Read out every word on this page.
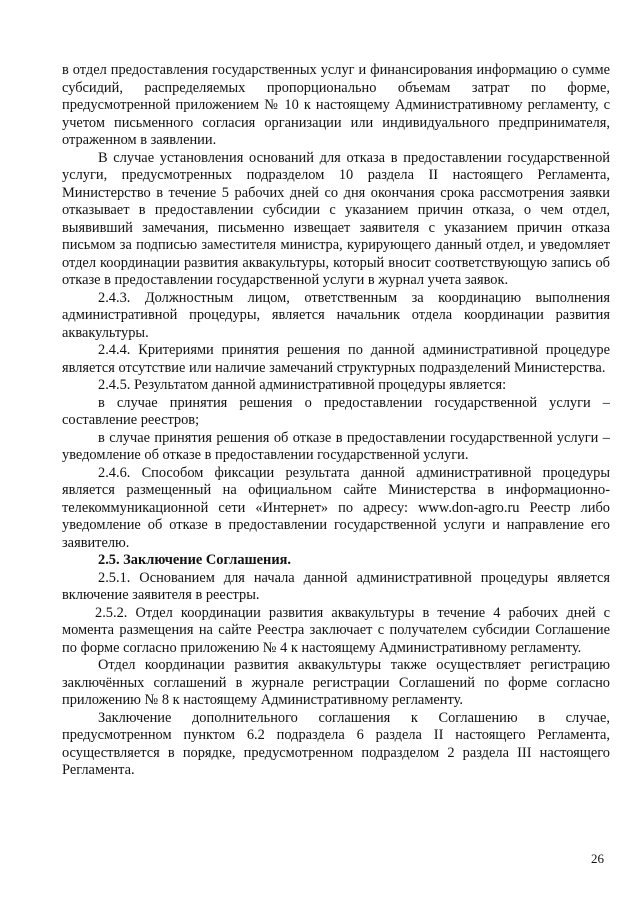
в отдел предоставления государственных услуг и финансирования информацию о сумме субсидий, распределяемых пропорционально объемам затрат по форме, предусмотренной приложением № 10 к настоящему Административному регламенту, с учетом письменного согласия организации или индивидуального предпринимателя, отраженном в заявлении.

В случае установления оснований для отказа в предоставлении государственной услуги, предусмотренных подразделом 10 раздела II настоящего Регламента, Министерство в течение 5 рабочих дней со дня окончания срока рассмотрения заявки отказывает в предоставлении субсидии с указанием причин отказа, о чем отдел, выявивший замечания, письменно извещает заявителя с указанием причин отказа письмом за подписью заместителя министра, курирующего данный отдел, и уведомляет отдел координации развития аквакультуры, который вносит соответствующую запись об отказе в предоставлении государственной услуги в журнал учета заявок.

2.4.3. Должностным лицом, ответственным за координацию выполнения административной процедуры, является начальник отдела координации развития аквакультуры.

2.4.4. Критериями принятия решения по данной административной процедуре является отсутствие или наличие замечаний структурных подразделений Министерства.

2.4.5. Результатом данной административной процедуры является:

в случае принятия решения о предоставлении государственной услуги – составление реестров;

в случае принятия решения об отказе в предоставлении государственной услуги – уведомление об отказе в предоставлении государственной услуги.

2.4.6. Способом фиксации результата данной административной процедуры является размещенный на официальном сайте Министерства в информационно-телекоммуникационной сети «Интернет» по адресу: www.don-agro.ru Реестр либо уведомление об отказе в предоставлении государственной услуги и направление его заявителю.

2.5. Заключение Соглашения.

2.5.1. Основанием для начала данной административной процедуры является включение заявителя в реестры.

2.5.2. Отдел координации развития аквакультуры в течение 4 рабочих дней с момента размещения на сайте Реестра заключает с получателем субсидии Соглашение по форме согласно приложению № 4 к настоящему Административному регламенту.

Отдел координации развития аквакультуры также осуществляет регистрацию заключённых соглашений в журнале регистрации Соглашений по форме согласно приложению № 8 к настоящему Административному регламенту.

Заключение дополнительного соглашения к Соглашению в случае, предусмотренном пунктом 6.2 подраздела 6 раздела II настоящего Регламента, осуществляется в порядке, предусмотренном подразделом 2 раздела III настоящего Регламента.

26
